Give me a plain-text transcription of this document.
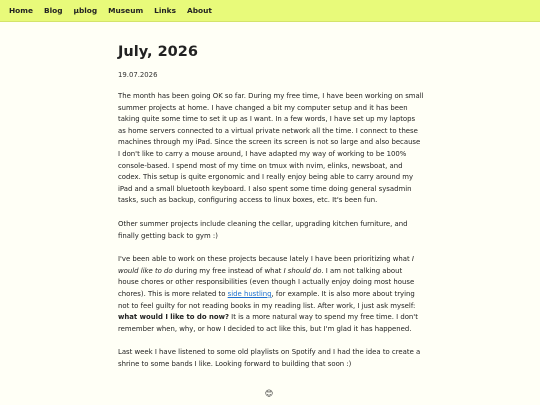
Home Blog µblog Museum Links About
July, 2026
19.07.2026

The month has been going OK so far. During my free time, I have been working on small summer projects at home. I have changed a bit my computer setup and it has been taking quite some time to set it up as I want. In a few words, I have set up my laptops as home servers connected to a virtual private network all the time. I connect to these machines through my iPad. Since the screen its screen is not so large and also because I don't like to carry a mouse around, I have adapted my way of working to be 100% console-based. I spend most of my time on tmux with nvim, elinks, newsboat, and codex. This setup is quite ergonomic and I really enjoy being able to carry around my iPad and a small bluetooth keyboard. I also spent some time doing general sysadmin tasks, such as backup, configuring access to linux boxes, etc. It's been fun.

Other summer projects include cleaning the cellar, upgrading kitchen furniture, and finally getting back to gym :)

I've been able to work on these projects because lately I have been prioritizing what I would like to do during my free instead of what I should do. I am not talking about house chores or other responsibilities (even though I actually enjoy doing most house chores). This is more related to side hustling, for example. It is also more about trying not to feel guilty for not reading books in my reading list. After work, I just ask myself: what would I like to do now? It is a more natural way to spend my free time. I don't remember when, why, or how I decided to act like this, but I'm glad it has happened.

Last week I have listened to some old playlists on Spotify and I had the idea to create a shrine to some bands I like. Looking forward to building that soon :)

😊
